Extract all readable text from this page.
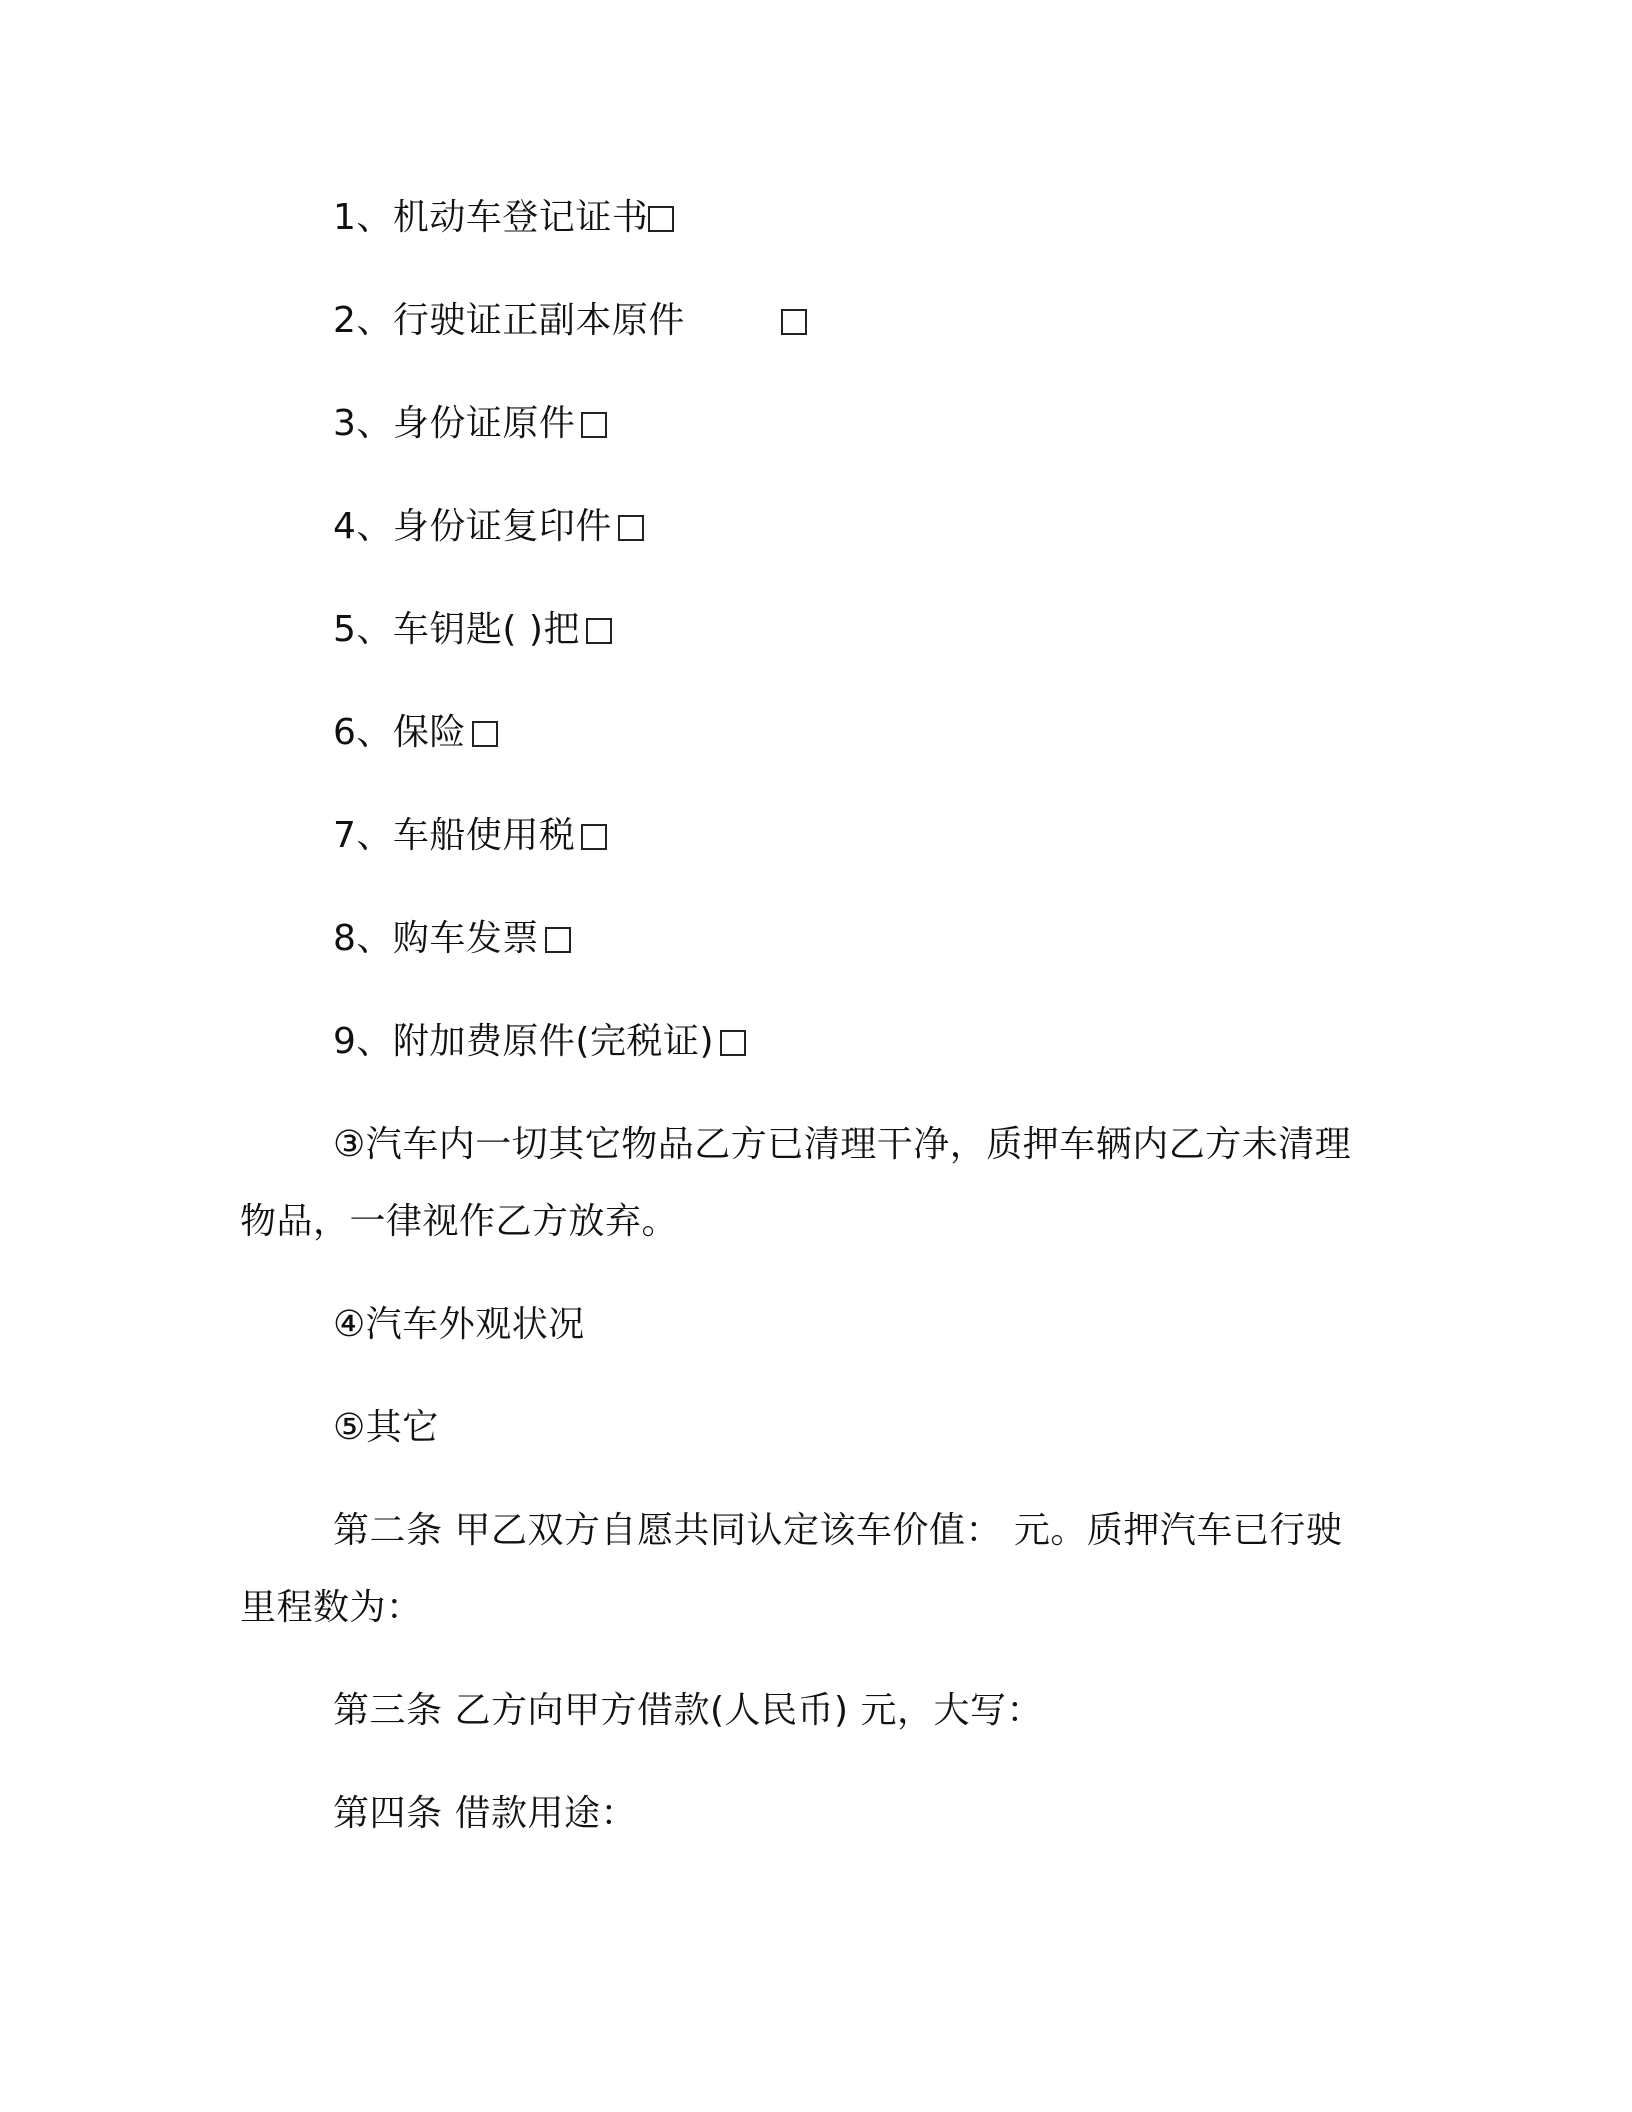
1、机动车登记证书
2、行驶证正副本原件
3、身份证原件
4、身份证复印件
5、车钥匙( )把
6、保险
7、车船使用税
8、购车发票
9、附加费原件(完税证)
③汽车内一切其它物品乙方已清理干净，质押车辆内乙方未清理
物品，一律视作乙方放弃。
④汽车外观状况
⑤其它
第二条 甲乙双方自愿共同认定该车价值： 元。质押汽车已行驶
里程数为：
第三条 乙方向甲方借款(人民币) 元，大写：
第四条 借款用途：
